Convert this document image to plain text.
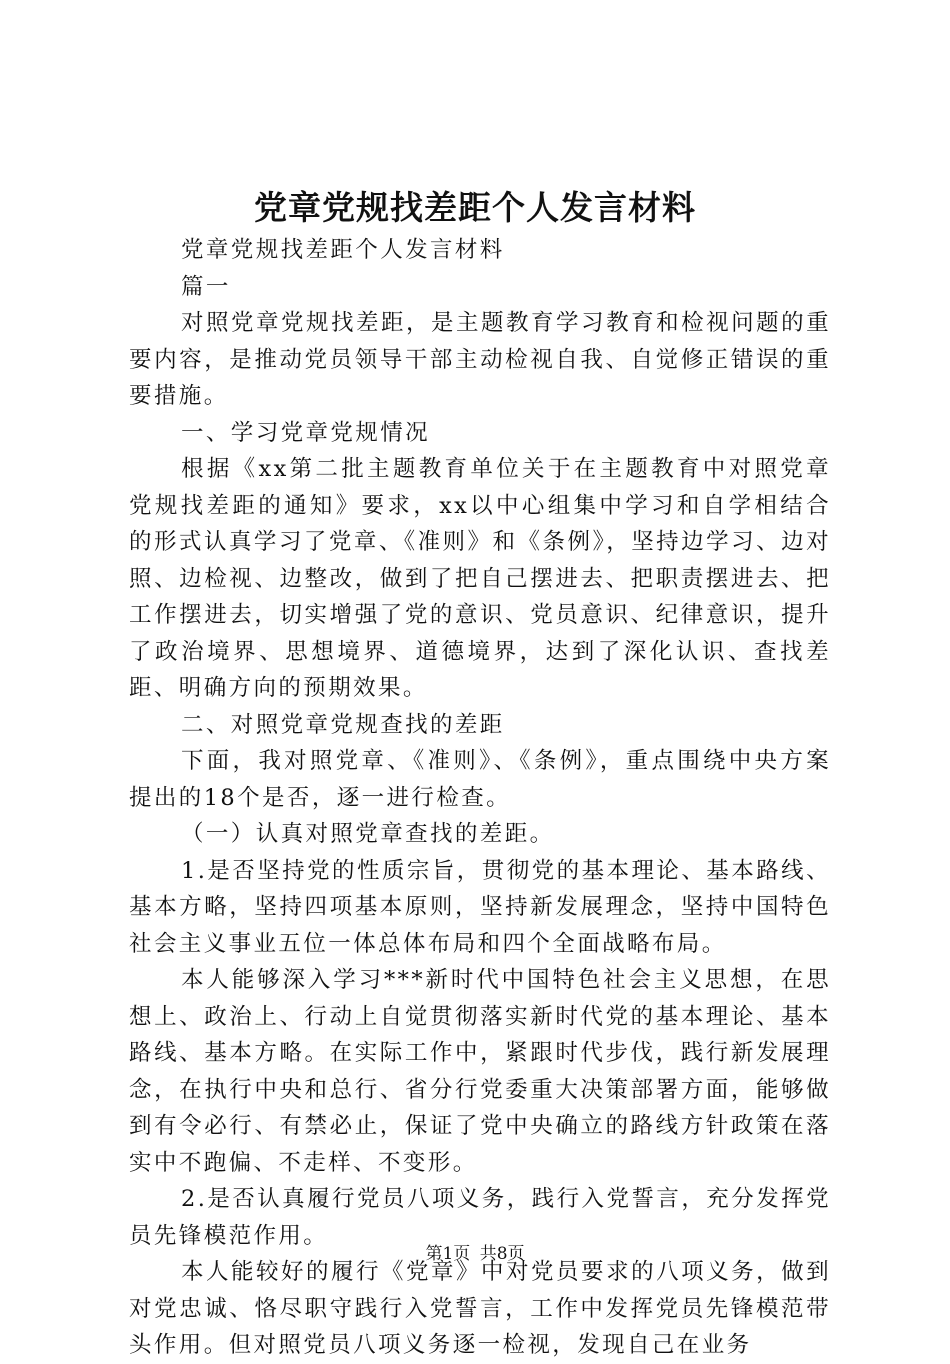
党章党规找差距个人发言材料

党章党规找差距个人发言材料

篇一

对照党章党规找差距，是主题教育学习教育和检视问题的重要内容，是推动党员领导干部主动检视自我、自觉修正错误的重要措施。

一、学习党章党规情况

根据《xx第二批主题教育单位关于在主题教育中对照党章党规找差距的通知》要求，xx以中心组集中学习和自学相结合的形式认真学习了党章、《准则》和《条例》，坚持边学习、边对照、边检视、边整改，做到了把自己摆进去、把职责摆进去、把工作摆进去，切实增强了党的意识、党员意识、纪律意识，提升了政治境界、思想境界、道德境界，达到了深化认识、查找差距、明确方向的预期效果。

二、对照党章党规查找的差距

下面，我对照党章、《准则》、《条例》，重点围绕中央方案提出的18个是否，逐一进行检查。

（一）认真对照党章查找的差距。

1.是否坚持党的性质宗旨，贯彻党的基本理论、基本路线、基本方略，坚持四项基本原则，坚持新发展理念，坚持中国特色社会主义事业五位一体总体布局和四个全面战略布局。

本人能够深入学习***新时代中国特色社会主义思想，在思想上、政治上、行动上自觉贯彻落实新时代党的基本理论、基本路线、基本方略。在实际工作中，紧跟时代步伐，践行新发展理念，在执行中央和总行、省分行党委重大决策部署方面，能够做到有令必行、有禁必止，保证了党中央确立的路线方针政策在落实中不跑偏、不走样、不变形。

2.是否认真履行党员八项义务，践行入党誓言，充分发挥党员先锋模范作用。

本人能较好的履行《党章》中对党员要求的八项义务，做到对党忠诚、恪尽职守践行入党誓言，工作中发挥党员先锋模范带头作用。但对照党员八项义务逐一检视，发现自己在业务

第1页 共8页
